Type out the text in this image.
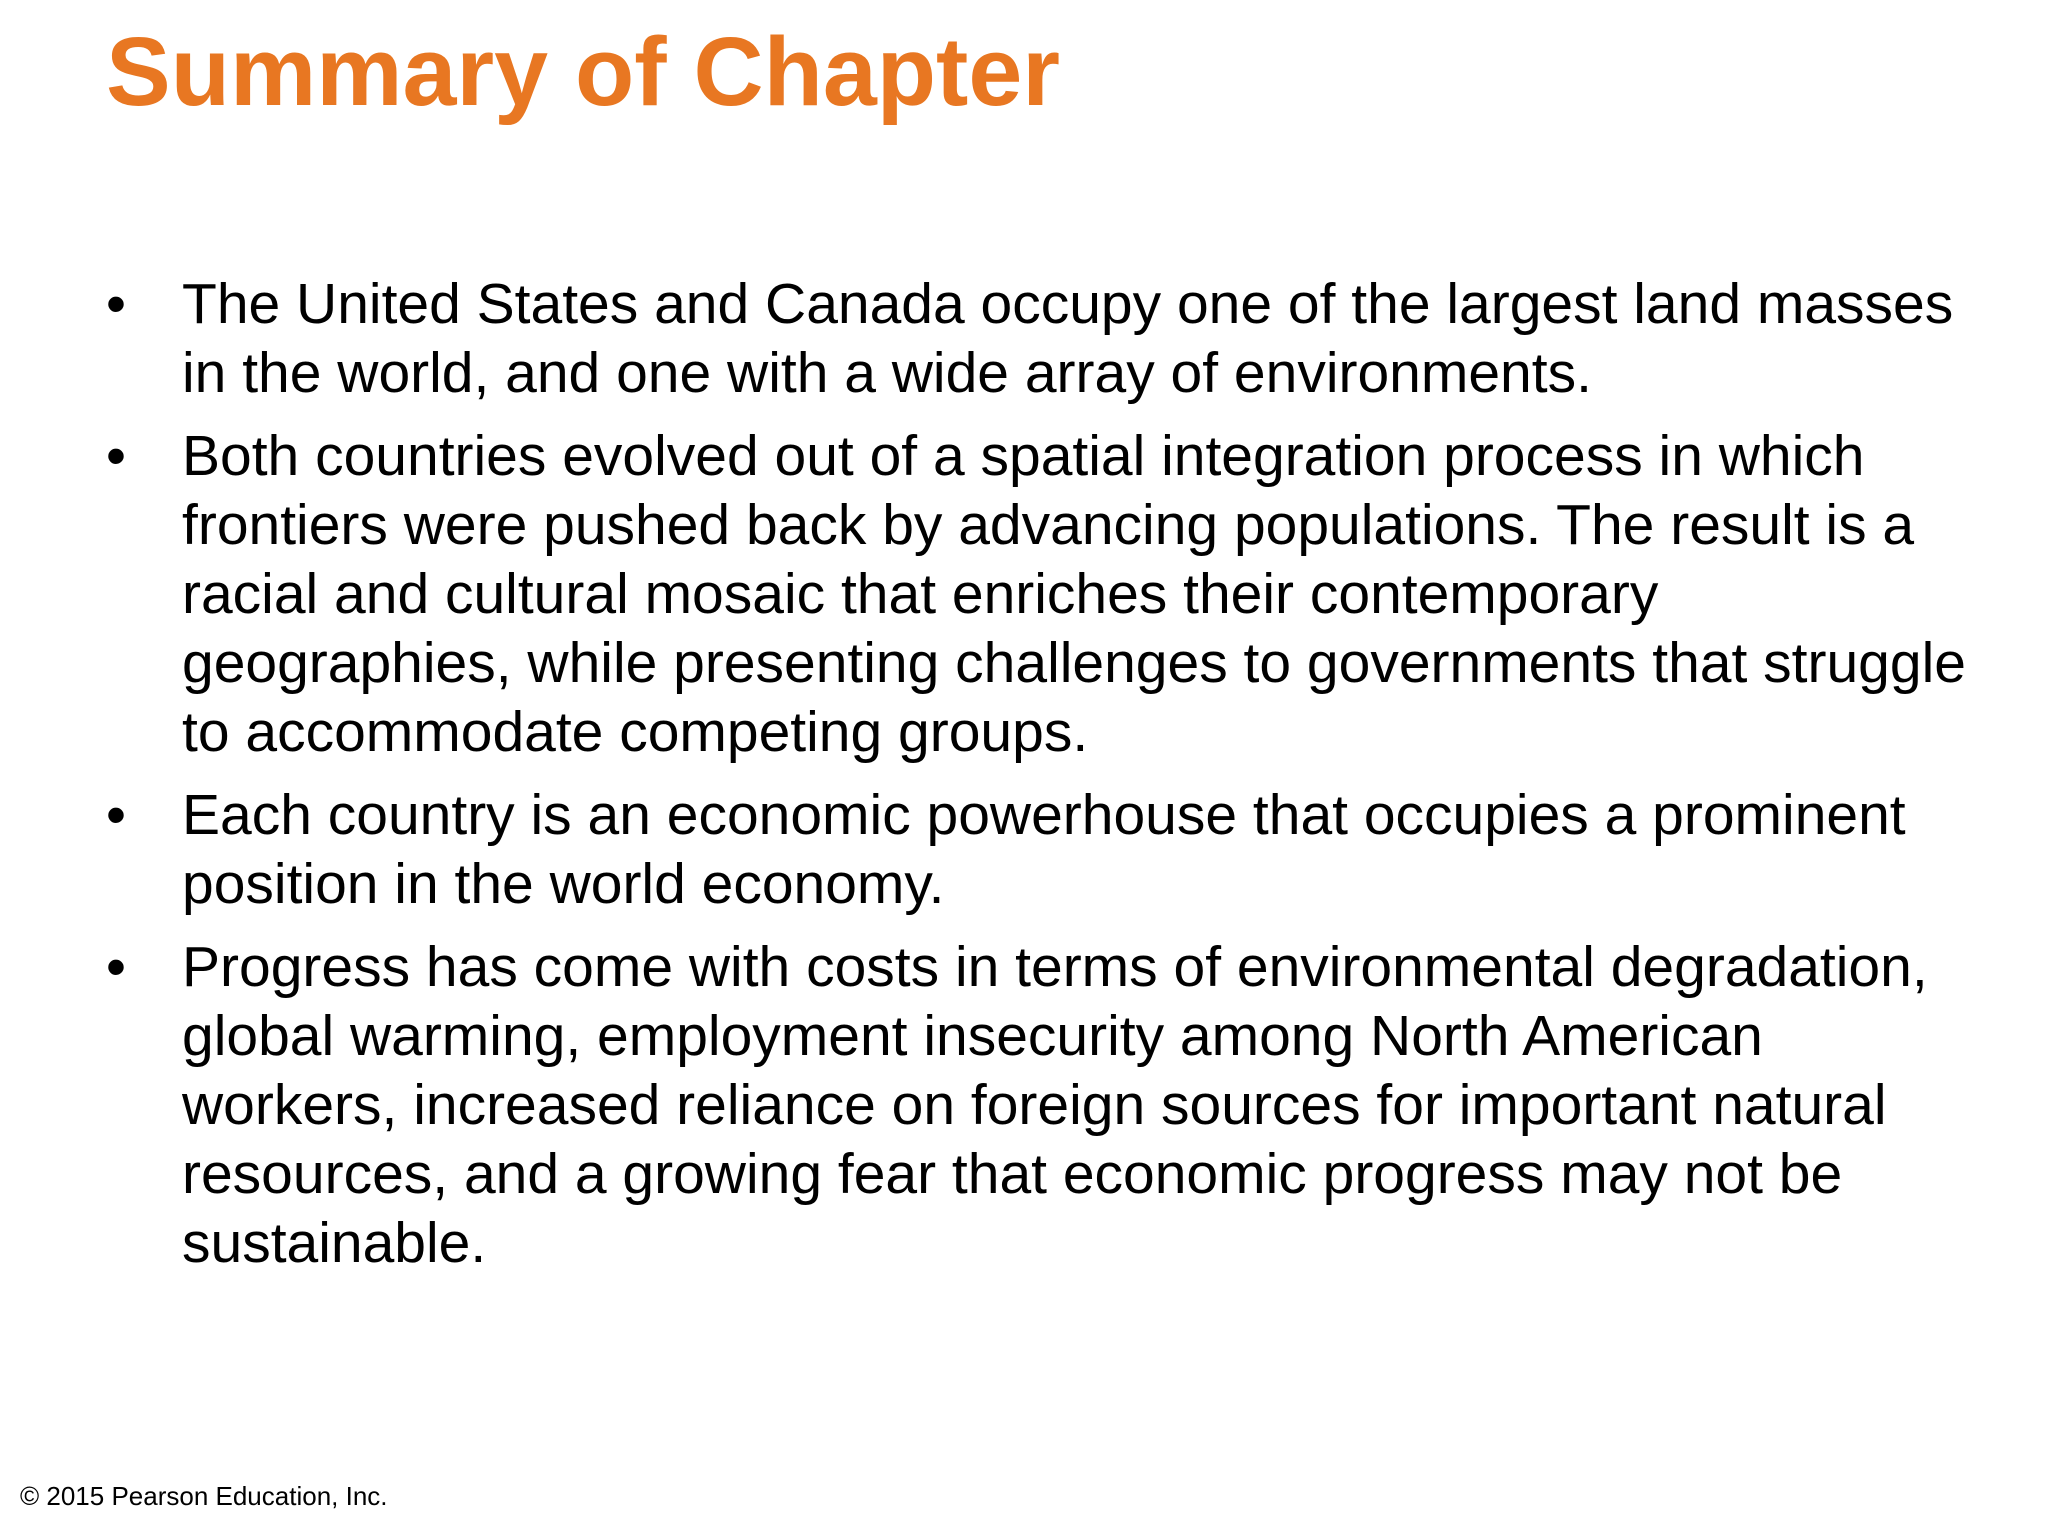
Summary of Chapter
• The United States and Canada occupy one of the largest land masses in the world, and one with a wide array of environments.
• Both countries evolved out of a spatial integration process in which frontiers were pushed back by advancing populations. The result is a racial and cultural mosaic that enriches their contemporary geographies, while presenting challenges to governments that struggle to accommodate competing groups.
• Each country is an economic powerhouse that occupies a prominent position in the world economy.
• Progress has come with costs in terms of environmental degradation, global warming, employment insecurity among North American workers, increased reliance on foreign sources for important natural resources, and a growing fear that economic progress may not be sustainable.
© 2015 Pearson Education, Inc.
